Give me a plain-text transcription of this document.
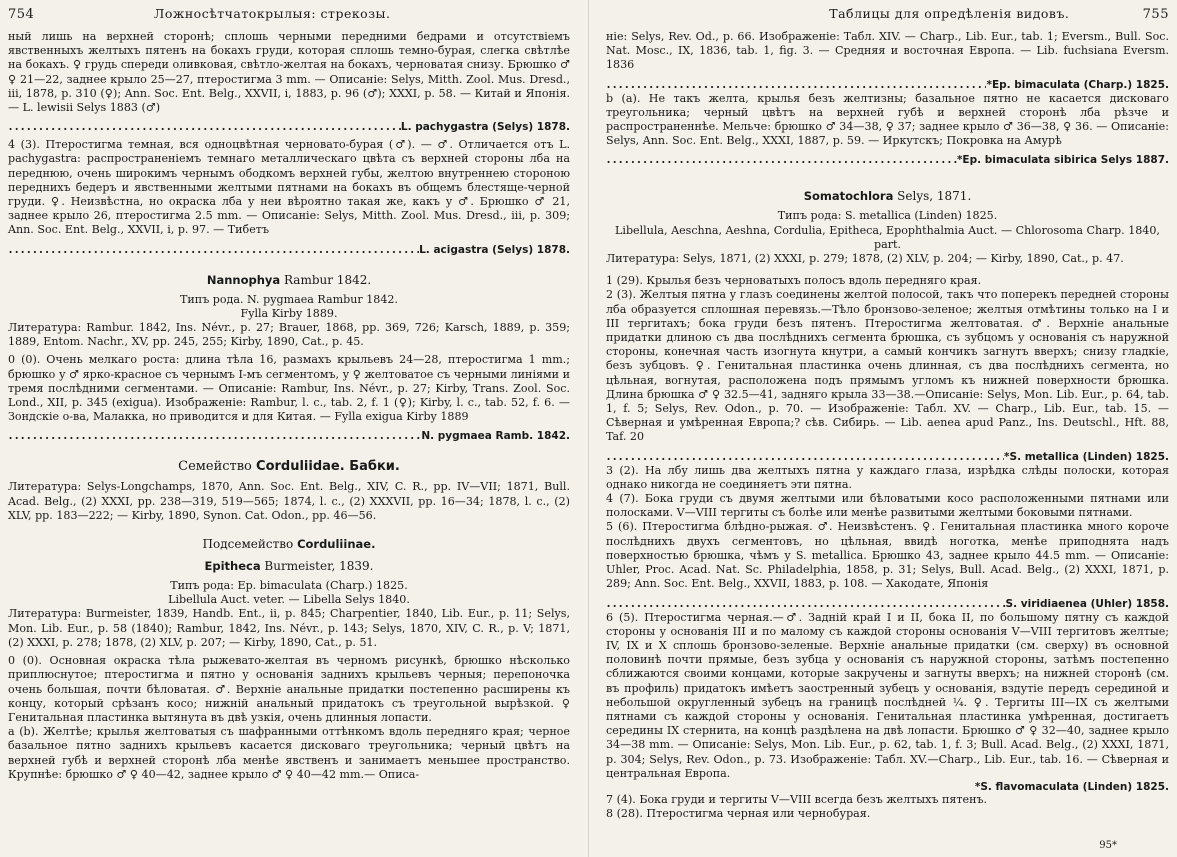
754	Ложносѣтчатокрылыя: стрекозы.

ный лишь на верхней сторонѣ; сплошь черными передними бедрами и отсутствіемъ явственныхъ желтыхъ пятенъ на бокахъ груди, которая сплошь темно-бурая, слегка свѣтлѣе на бокахъ. ♀ грудь спереди оливковая, свѣтло-желтая на бокахъ, черноватая снизу. Брюшко ♂ ♀ 21—22, заднее крыло 25—27, птеростигма 3 mm. — Описаніе: Selys, Mitth. Zool. Mus. Dresd., iii, 1878, p. 310 (♀); Ann. Soc. Ent. Belg., XXVII, i, 1883, p. 96 (♂); XXXI, p. 58. — Китай и Японія. — L. lewisii Selys 1883 (♂)

.....
L. pachygastra (Selys) 1878.

4 (3). Птеростигма темная, вся одноцвѣтная черновато-бурая (♂). — ♂. Отличается отъ L. pachygastra: распространеніемъ темнаго металлическаго цвѣта съ верхней стороны лба на переднюю, очень широкимъ чернымъ ободкомъ верхней губы, желтою внутреннею стороною переднихъ бедеръ и явственными желтыми пятнами на бокахъ въ общемъ блестяще-черной груди. ♀. Неизвѣстна, но окраска лба у неи вѣроятно такая же, какъ у ♂. Брюшко ♂ 21, заднее крыло 26, птеростигма 2.5 mm. — Описаніе: Selys, Mitth. Zool. Mus. Dresd., iii, p. 309; Ann. Soc. Ent. Belg., XXVII, i, p. 97. — Тибетъ

.....
L. acigastra (Selys) 1878.
Nannophya Rambur 1842.
Типъ рода. N. pygmaea Rambur 1842.
Fylla Kirby 1889.

Литература: Rambur. 1842, Ins. Névr., p. 27; Brauer, 1868, pp. 369, 726; Karsch, 1889, p. 359; 1889, Entom. Nachr., XV, pp. 245, 255; Kirby, 1890, Cat., p. 45.

0 (0). Очень мелкаго роста: длина тѣла 16, размахъ крыльевъ 24—28, птеростигма 1 mm.; брюшко у ♂ ярко-красное съ чернымъ I-мъ сегментомъ, у ♀ желтоватое съ черными линіями и тремя послѣдними сегментами. — Описаніе: Rambur, Ins. Névr., p. 27; Kirby, Trans. Zool. Soc. Lond., XII, p. 345 (exigua). Изображеніе: Rambur, l. c., tab. 2, f. 1 (♀); Kirby, l. c., tab. 52, f. 6. — Зондскіе о-ва, Малакка, но приводится и для Китая. — Fylla exigua Kirby 1889

.....
N. pygmaea Ramb. 1842.
Семейство Corduliidae. Бабки.

Литература: Selys-Longchamps, 1870, Ann. Soc. Ent. Belg., XIV, C. R., pp. IV—VII; 1871, Bull. Acad. Belg., (2) XXXI, pp. 238—319, 519—565; 1874, l. c., (2) XXXVII, pp. 16—34; 1878, l. c., (2) XLV, pp. 183—222; — Kirby, 1890, Synon. Cat. Odon., pp. 46—56.

Подсемейство Corduliinae.
Epitheca Burmeister, 1839.
Типъ рода: Ep. bimaculata (Charp.) 1825.
Libellula Auct. veter. — Libella Selys 1840.

Литература: Burmeister, 1839, Handb. Ent., ii, p. 845; Charpentier, 1840, Lib. Eur., p. 11; Selys, Mon. Lib. Eur., p. 58 (1840); Rambur, 1842, Ins. Névr., p. 143; Selys, 1870, XIV, C. R., p. V; 1871, (2) XXXI, p. 278; 1878, (2) XLV, p. 207; — Kirby, 1890, Cat., p. 51.

0 (0). Основная окраска тѣла рыжевато-желтая въ черномъ рисункѣ, брюшко нѣсколько приплюснутое; птеростигма и пятно у основанія заднихъ крыльевъ черныя; перепоночка очень большая, почти бѣловатая. ♂. Верхніе анальные придатки постепенно расширены къ концу, который срѣзанъ косо; нижній анальный придатокъ съ треугольной вырѣзкой. ♀ Генитальная пластинка вытянута въ двѣ узкія, очень длинныя лопасти.

a (b). Желтѣе; крылья желтоватыя съ шафранными оттѣнкомъ вдоль передняго края; черное базальное пятно заднихъ крыльевъ касается дисковаго треугольника; черный цвѣтъ на верхней губѣ и верхней сторонѣ лба менѣе явственъ и занимаетъ меньшее пространство. Крупнѣе: брюшко ♂ ♀ 40—42, заднее крыло ♂ ♀ 40—42 mm.— Описа-

Таблицы для опредѣленія видовъ.	755

ніе: Selys, Rev. Od., p. 66. Изображеніе: Табл. XIV. — Charp., Lib. Eur., tab. 1; Eversm., Bull. Soc. Nat. Mosc., IX, 1836, tab. 1, fig. 3. — Средняя и восточная Европа. — Lib. fuchsiana Eversm. 1836

.....
*Ep. bimaculata (Charp.) 1825.

b (a). Не такъ желта, крылья безъ желтизны; базальное пятно не касается дисковаго треугольника; черный цвѣтъ на верхней губѣ и верхней сторонѣ лба рѣзче и распространеннѣе. Мельче: брюшко ♂ 34—38, ♀ 37; заднее крыло ♂ 36—38, ♀ 36. — Описаніе: Selys, Ann. Soc. Ent. Belg., XXXI, 1887, p. 59. — Иркутскъ; Покровка на Амурѣ

.....
*Ep. bimaculata sibirica Selys 1887.
Somatochlora Selys, 1871.
Типъ рода: S. metallica (Linden) 1825.
Libellula, Aeschna, Aeshna, Cordulia, Epitheca, Epophthalmia Auct. — Chlorosoma Charp. 1840, part.

Литература: Selys, 1871, (2) XXXI, p. 279; 1878, (2) XLV, p. 204; — Kirby, 1890, Cat., p. 47.

1 (29). Крылья безъ черноватыхъ полосъ вдоль передняго края.

2 (3). Желтыя пятна у глазъ соединены желтой полосой, такъ что поперекъ передней стороны лба образуется сплошная перевязь.—Тѣло бронзово-зеленое; желтыя отмѣтины только на I и III тергитахъ; бока груди безъ пятенъ. Птеростигма желтоватая. ♂. Верхніе анальные придатки длиною съ два послѣднихъ сегмента брюшка, съ зубцомъ у основанія съ наружной стороны, конечная часть изогнута кнутри, а самый кончикъ загнутъ вверхъ; снизу гладкіе, безъ зубцовъ. ♀. Генитальная пластинка очень длинная, съ два послѣднихъ сегмента, но цѣльная, вогнутая, расположена подъ прямымъ угломъ къ нижней поверхности брюшка. Длина брюшка ♂ ♀ 32.5—41, задняго крыла 33—38.—Описаніе: Selys, Mon. Lib. Eur., p. 64, tab. 1, f. 5; Selys, Rev. Odon., p. 70. — Изображеніе: Табл. XV. — Charp., Lib. Eur., tab. 15. — Сѣверная и умѣренная Европа;? сѣв. Сибирь. — Lib. aenea apud Panz., Ins. Deutschl., Hft. 88, Taf. 20

.....
*S. metallica (Linden) 1825.

3 (2). На лбу лишь два желтыхъ пятна у каждаго глаза, изрѣдка слѣды полоски, которая однако никогда не соединяетъ эти пятна.

4 (7). Бока груди съ двумя желтыми или бѣловатыми косо расположенными пятнами или полосками. V—VIII тергиты съ болѣе или менѣе развитыми желтыми боковыми пятнами.

5 (6). Птеростигма блѣдно-рыжая. ♂. Неизвѣстенъ. ♀. Генитальная пластинка много короче послѣднихъ двухъ сегментовъ, но цѣльная, ввидѣ ноготка, менѣе приподнята надъ поверхностью брюшка, чѣмъ у S. metallica. Брюшко 43, заднее крыло 44.5 mm. — Описаніе: Uhler, Proc. Acad. Nat. Sc. Philadelphia, 1858, p. 31; Selys, Bull. Acad. Belg., (2) XXXI, 1871, p. 289; Ann. Soc. Ent. Belg., XXVII, 1883, p. 108. — Хакодате, Японія

.....
S. viridiaenea (Uhler) 1858.

6 (5). Птеростигма черная.—♂. Задній край I и II, бока II, по большому пятну съ каждой стороны у основанія III и по малому съ каждой стороны основанія V—VIII тергитовъ желтые; IV, IX и X сплошь бронзово-зеленые. Верхніе анальные придатки (см. сверху) въ основной половинѣ почти прямые, безъ зубца у основанія съ наружной стороны, затѣмъ постепенно сближаются своими концами, которые закручены и загнуты вверхъ; на нижней сторонѣ (см. въ профиль) придатокъ имѣетъ заостренный зубецъ у основанія, вздутіе передъ серединой и небольшой округленный зубецъ на границѣ послѣдней ¼. ♀. Тергиты III—IX съ желтыми пятнами съ каждой стороны у основанія. Генитальная пластинка умѣренная, достигаетъ середины IX стернита, на концѣ раздѣлена на двѣ лопасти. Брюшко ♂ ♀ 32—40, заднее крыло 34—38 mm. — Описаніе: Selys, Mon. Lib. Eur., p. 62, tab. 1, f. 3; Bull. Acad. Belg., (2) XXXI, 1871, p. 304; Selys, Rev. Odon., p. 73. Изображеніе: Табл. XV.—Charp., Lib. Eur., tab. 16. — Сѣверная и центральная Европа.

*S. flavomaculata (Linden) 1825.

7 (4). Бока груди и тергиты V—VIII всегда безъ желтыхъ пятенъ.

8 (28). Птеростигма черная или чернобурая.

95*
